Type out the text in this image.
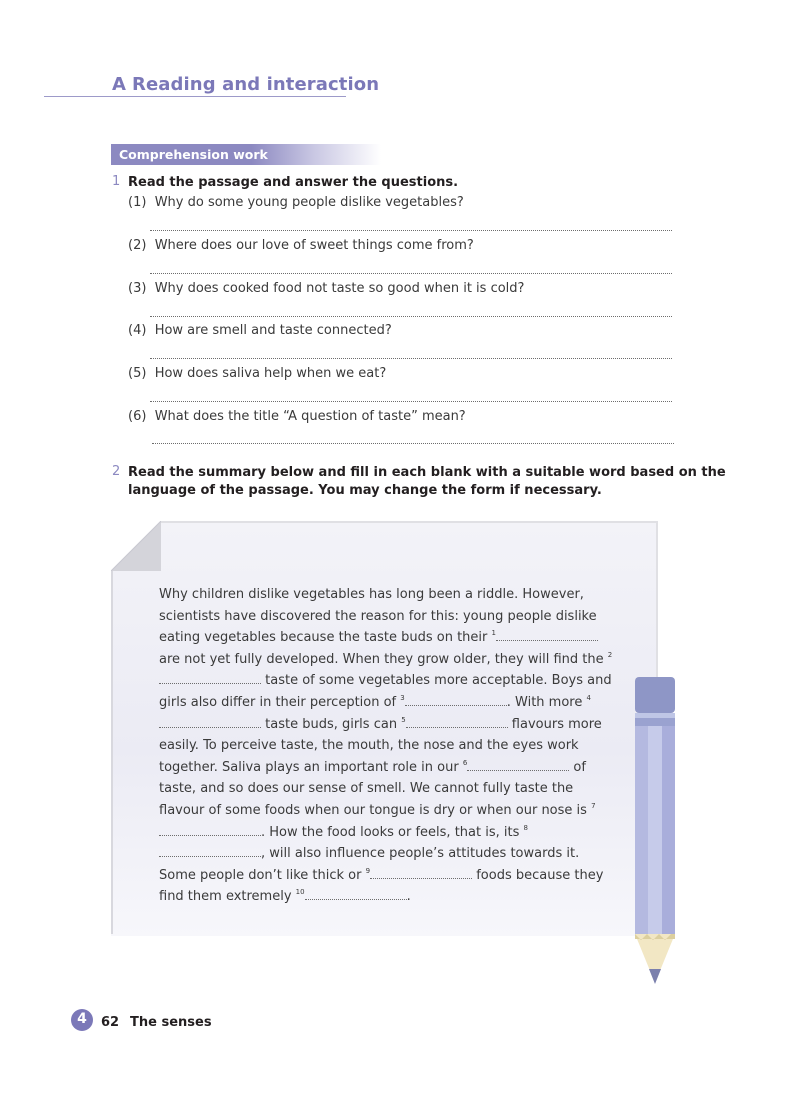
A Reading and interaction
Comprehension work
1 Read the passage and answer the questions.
(1) Why do some young people dislike vegetables?
(2) Where does our love of sweet things come from?
(3) Why does cooked food not taste so good when it is cold?
(4) How are smell and taste connected?
(5) How does saliva help when we eat?
(6) What does the title “A question of taste” mean?
2 Read the summary below and fill in each blank with a suitable word based on the
language of the passage. You may change the form if necessary.
Why children dislike vegetables has long been a riddle. However, scientists have discovered the reason for this: young people dislike eating vegetables because the taste buds on their $^1$ are not yet fully developed. When they grow older, they will find the $^2$ taste of some vegetables more acceptable. Boys and girls also differ in their perception of $^3$	. With more $^4$ taste buds, girls can $^5$	flavours more easily. To perceive taste, the mouth, the nose and the eyes work together. Saliva plays an important role in our $^6$	of taste, and so does our sense of smell. We cannot fully taste the flavour of some foods when our tongue is dry or when our nose is $^7$. How the food looks or feels, that is, its $^8$, will also influence people’s attitudes towards it. Some people don’t like thick or $^9$	foods because they find them extremely $^{10}$	.
4	62 The senses
